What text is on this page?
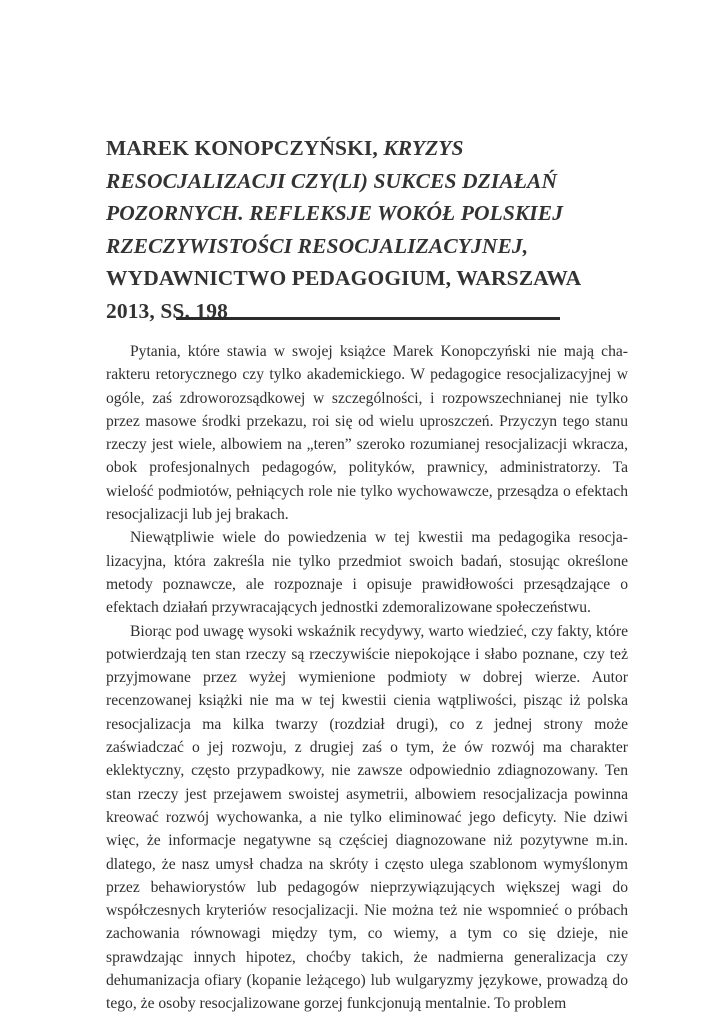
MAREK KONOPCZYŃSKI, KRYZYS RESOCJALIZACJI CZY(LI) SUKCES DZIAŁAŃ POZORNYCH. REFLEKSJE WOKÓŁ POLSKIEJ RZECZYWISTOŚCI RESOCJALIZACYJNEJ, WYDAWNICTWO PEDAGOGIUM, WARSZAWA 2013, SS. 198

Pytania, które stawia w swojej książce Marek Konopczyński nie mają charakteru retorycznego czy tylko akademickiego. W pedagogice resocjalizacyjnej w ogóle, zaś zdroworozsądkowej w szczególności, i rozpowszechnianej nie tylko przez masowe środki przekazu, roi się od wielu uproszczeń. Przyczyn tego stanu rzeczy jest wiele, albowiem na „teren” szeroko rozumianej resocjalizacji wkracza, obok profesjonalnych pedagogów, polityków, prawnicy, administratorzy. Ta wielość podmiotów, pełniących role nie tylko wychowawcze, przesądza o efektach resocjalizacji lub jej brakach.

Niewątpliwie wiele do powiedzenia w tej kwestii ma pedagogika resocjalizacyjna, która zakreśla nie tylko przedmiot swoich badań, stosując określone metody poznawcze, ale rozpoznaje i opisuje prawidłowości przesądzające o efektach działań przywracających jednostki zdemoralizowane społeczeństwu.

Biorąc pod uwagę wysoki wskaźnik recydywy, warto wiedzieć, czy fakty, które potwierdzają ten stan rzeczy są rzeczywiście niepokojące i słabo poznane, czy też przyjmowane przez wyżej wymienione podmioty w dobrej wierze. Autor recenzowanej książki nie ma w tej kwestii cienia wątpliwości, pisząc iż polska resocjalizacja ma kilka twarzy (rozdział drugi), co z jednej strony może zaświadczać o jej rozwoju, z drugiej zaś o tym, że ów rozwój ma charakter eklektyczny, często przypadkowy, nie zawsze odpowiednio zdiagnozowany. Ten stan rzeczy jest przejawem swoistej asymetrii, albowiem resocjalizacja powinna kreować rozwój wychowanka, a nie tylko eliminować jego deficyty. Nie dziwi więc, że informacje negatywne są częściej diagnozowane niż pozytywne m.in. dlatego, że nasz umysł chadza na skróty i często ulega szablonom wymyślonym przez behawiorystów lub pedagogów nieprzywiązujących większej wagi do współczesnych kryteriów resocjalizacji. Nie można też nie wspomnieć o próbach zachowania równowagi między tym, co wiemy, a tym co się dzieje, nie sprawdzając innych hipotez, choćby takich, że nadmierna generalizacja czy dehumanizacja ofiary (kopanie leżącego) lub wulgaryzmy językowe, prowadzą do tego, że osoby resocjalizowane gorzej funkcjonują mentalnie. To problem
